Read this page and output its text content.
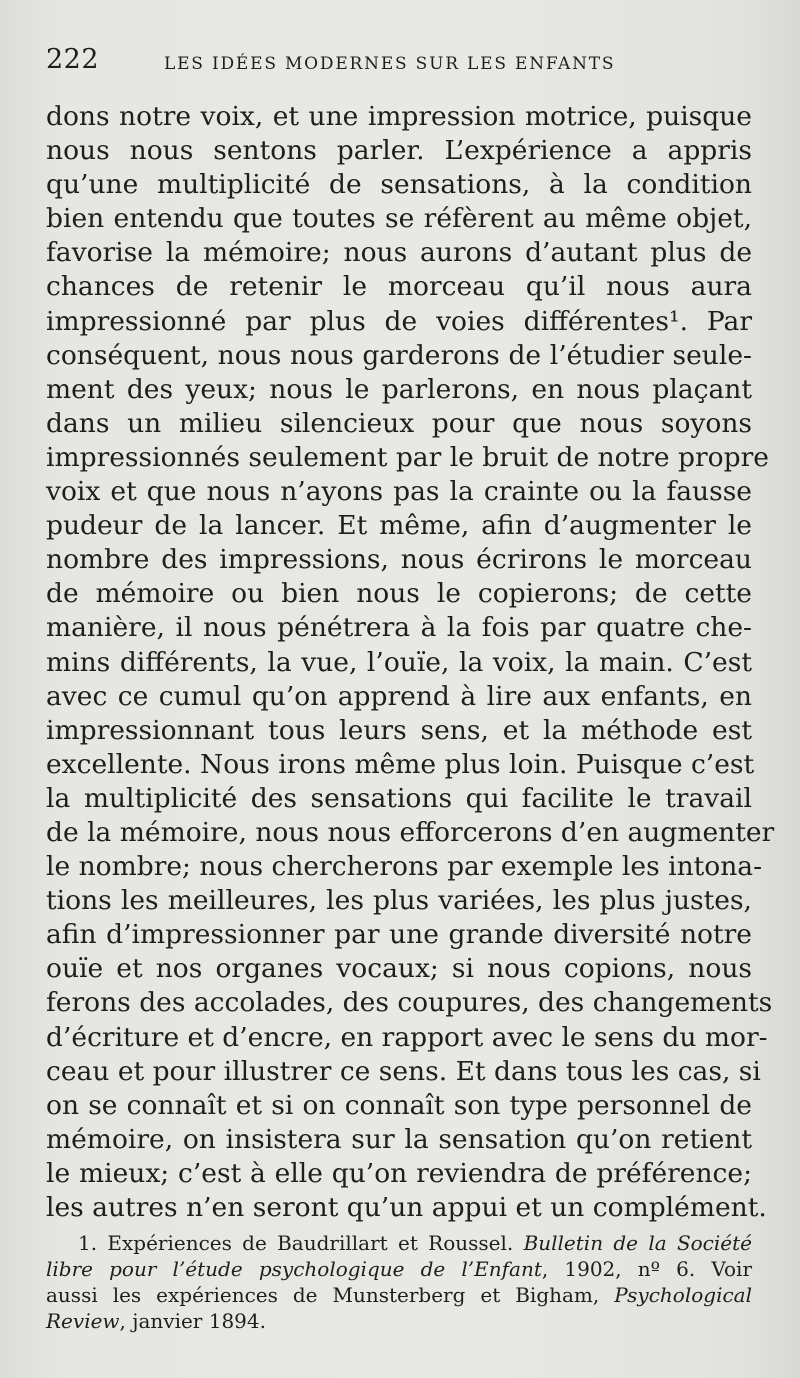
222	LES IDÉES MODERNES SUR LES ENFANTS
dons notre voix, et une impression motrice, puisque
nous nous sentons parler. L’expérience a appris
qu’une multiplicité de sensations, à la condition
bien entendu que toutes se réfèrent au même objet,
favorise la mémoire; nous aurons d’autant plus de
chances de retenir le morceau qu’il nous aura
impressionné par plus de voies différentes¹. Par
conséquent, nous nous garderons de l’étudier seule-
ment des yeux; nous le parlerons, en nous plaçant
dans un milieu silencieux pour que nous soyons
impressionnés seulement par le bruit de notre propre
voix et que nous n’ayons pas la crainte ou la fausse
pudeur de la lancer. Et même, afin d’augmenter le
nombre des impressions, nous écrirons le morceau
de mémoire ou bien nous le copierons; de cette
manière, il nous pénétrera à la fois par quatre che-
mins différents, la vue, l’ouïe, la voix, la main. C’est
avec ce cumul qu’on apprend à lire aux enfants, en
impressionnant tous leurs sens, et la méthode est
excellente. Nous irons même plus loin. Puisque c’est
la multiplicité des sensations qui facilite le travail
de la mémoire, nous nous efforcerons d’en augmenter
le nombre; nous chercherons par exemple les intona-
tions les meilleures, les plus variées, les plus justes,
afin d’impressionner par une grande diversité notre
ouïe et nos organes vocaux; si nous copions, nous
ferons des accolades, des coupures, des changements
d’écriture et d’encre, en rapport avec le sens du mor-
ceau et pour illustrer ce sens. Et dans tous les cas, si
on se connaît et si on connaît son type personnel de
mémoire, on insistera sur la sensation qu’on retient
le mieux; c’est à elle qu’on reviendra de préférence;
les autres n’en seront qu’un appui et un complément.
1. Expériences de Baudrillart et Roussel. Bulletin de la Société
libre pour l’étude psychologique de l’Enfant, 1902, nº 6. Voir
aussi les expériences de Munsterberg et Bigham, Psychological
Review, janvier 1894.
